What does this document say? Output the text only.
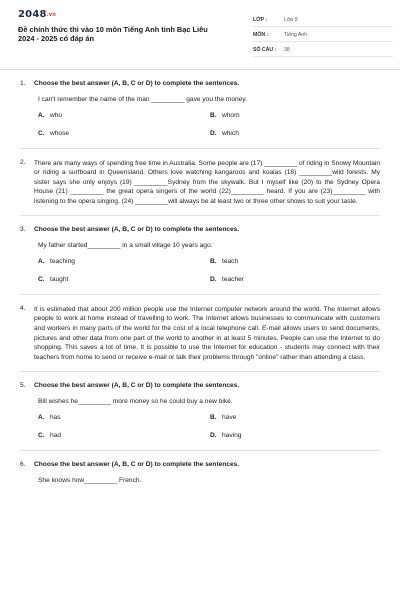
2048.vn
Đề chính thức thi vào 10 môn Tiếng Anh tỉnh Bạc Liêu
2024 - 2025 có đáp án
LỚP :	Lớp 9
MÔN :	Tiếng Anh
SỐ CÂU :	38
1.	Choose the best answer (A, B, C or D) to complete the sentences.
I can't remember the name of the man _________ gave you the money.
A. who	B. whom
C. whose	D. which
2.	There are many ways of spending free time in Australia. Some people are (17) _________ of riding in Snowy Mountain or riding a surfboard in Queensland. Others love watching kangaroos and koalas (18) _________wild forests. My sister says she only enjoys (19) _________Sydney from the skywalk. But I myself like (20) to the Sydney Opera House (21) _________ the great opera singers of the world (22)_________ heard. If you are (23)_________ with listening to the opera singing, (24) _________will always be at least two or three other shows to suit your taste.
3.	Choose the best answer (A, B, C or D) to complete the sentences.
My father started_________ in a small village 10 years ago.
A. teaching	B. teach
C. taught	D. teacher
4.	It is estimated that about 200 million people use the Internet computer network around the world. The Internet allows people to work at home instead of travelling to work. The Internet allows businesses to communicate with customers and workers in many parts of the world for the cost of a local telephone call. E-mail allows users to send documents, pictures and other data from one part of the world to another in at least 5 minutes. People can use the Internet to do shopping. This saves a lot of time. It is possible to use the Internet for education - students may connect with their teachers from home to send or receive e-mail or talk their problems through "online" rather than attending a class.
5.	Choose the best answer (A, B, C or D) to complete the sentences.
Bill wishes he_________ more money so he could buy a new bike.
A. has	B. have
C. had	D. having
6.	Choose the best answer (A, B, C or D) to complete the sentences.
She knows how_________ French.
